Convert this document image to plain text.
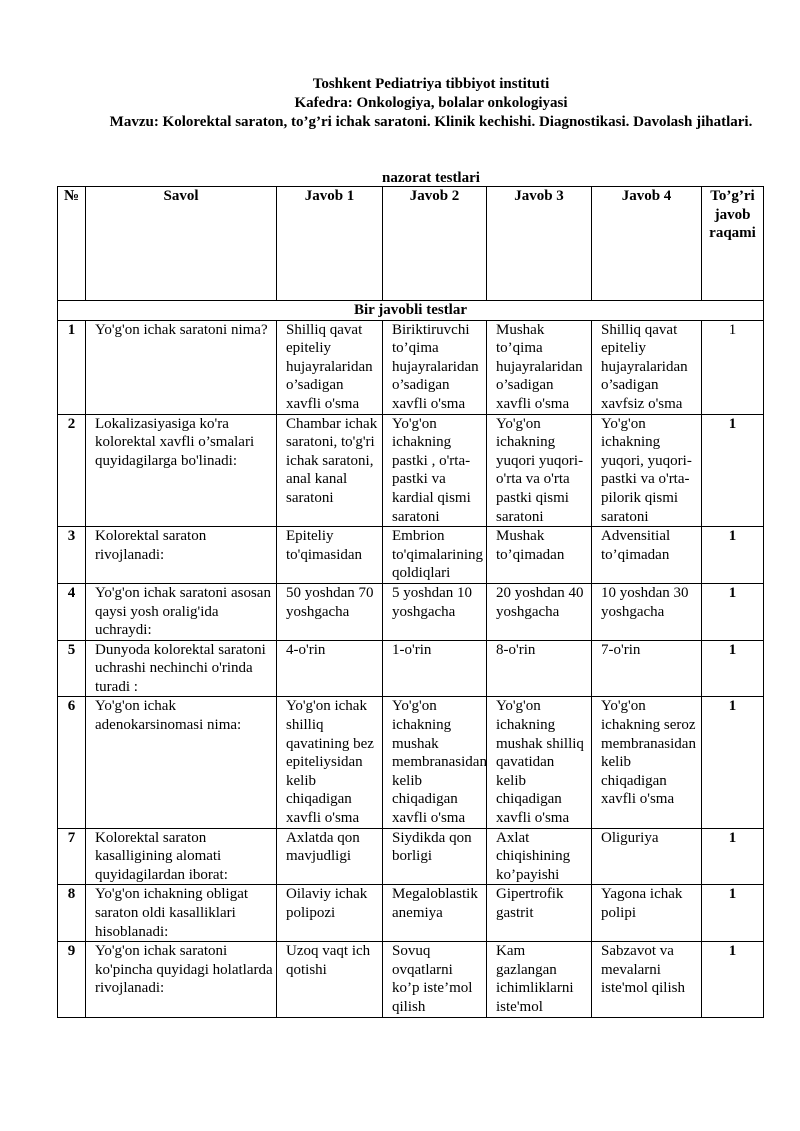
Toshkent Pediatriya tibbiyot instituti
Kafedra: Onkologiya, bolalar onkologiyasi
Mavzu: Kolorektal saraton, to’g’ri ichak saratoni. Klinik kechishi. Diagnostikasi. Davolash jihatlari.
nazorat testlari
№	Savol	Javob 1	Javob 2	Javob 3	Javob 4	To’g’ri javob raqami
Bir javobli testlar						
1	Yo'g'on ichak saratoni nima?	Shilliq qavat epiteliy hujayralaridan o’sadigan xavfli o'sma	Biriktiruvchi to’qima hujayralaridan o’sadigan xavfli o'sma	Mushak to’qima hujayralaridan o’sadigan xavfli o'sma	Shilliq qavat epiteliy hujayralaridan o’sadigan xavfsiz o'sma	1
2	Lokalizasiyasiga ko'ra kolorektal xavfli o’smalari quyidagilarga bo'linadi:	Chambar ichak saratoni, to'g'ri ichak saratoni, anal kanal saratoni	Yo'g'on ichakning pastki , o'rta-pastki va kardial qismi saratoni	Yo'g'on ichakning yuqori yuqori-o'rta va o'rta pastki qismi saratoni	Yo'g'on ichakning yuqori, yuqori-pastki va o'rta-pilorik qismi saratoni	1
3	Kolorektal saraton rivojlanadi:	Epiteliy to'qimasidan	Embrion to'qimalarining qoldiqlari	Mushak to’qimadan	Advensitial to’qimadan	1
4	Yo'g'on ichak saratoni asosan qaysi yosh oralig'ida uchraydi:	50 yoshdan 70 yoshgacha	5 yoshdan 10 yoshgacha	20 yoshdan 40 yoshgacha	10 yoshdan 30 yoshgacha	1
5	Dunyoda kolorektal saratoni uchrashi nechinchi o'rinda turadi :	4-o'rin	1-o'rin	8-o'rin	7-o'rin	1
6	Yo'g'on ichak adenokarsinomasi nima:	Yo'g'on ichak shilliq qavatining bez epiteliysidan kelib chiqadigan xavfli o'sma	Yo'g'on ichakning mushak membranasidan kelib chiqadigan xavfli o'sma	Yo'g'on ichakning mushak shilliq qavatidan kelib chiqadigan xavfli o'sma	Yo'g'on ichakning seroz membranasidan kelib chiqadigan xavfli o'sma	1
7	Kolorektal saraton kasalligining alomati quyidagilardan iborat:	Axlatda qon mavjudligi	Siydikda qon borligi	Axlat chiqishining ko’payishi	Oliguriya	1
8	Yo'g'on ichakning obligat saraton oldi kasalliklari hisoblanadi:	Oilaviy ichak polipozi	Megaloblastik anemiya	Gipertrofik gastrit	Yagona ichak polipi	1
9	Yo'g'on ichak saratoni ko'pincha quyidagi holatlarda rivojlanadi:	Uzoq vaqt ich qotishi	Sovuq ovqatlarni ko’p iste’mol qilish	Kam gazlangan ichimliklarni iste'mol	Sabzavot va mevalarni iste'mol qilish	1
